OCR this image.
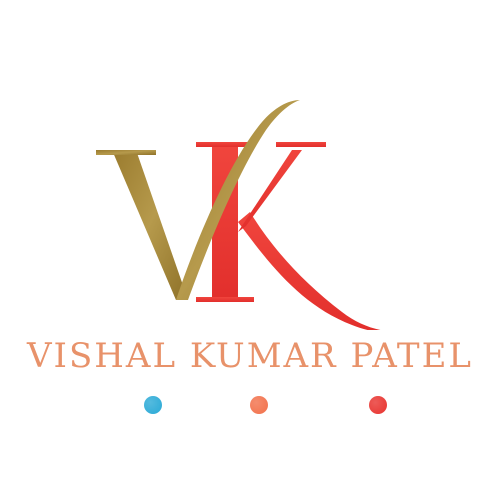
VISHAL KUMAR PATEL
